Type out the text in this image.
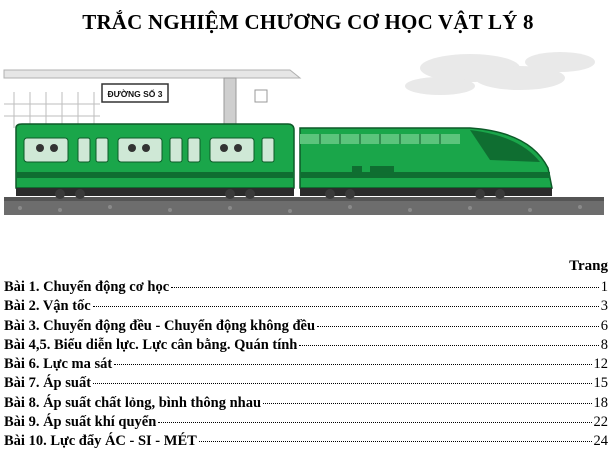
TRẮC NGHIỆM CHƯƠNG CƠ HỌC VẬT LÝ 8
ĐƯỜNG SỐ 3
Trang
Bài 1. Chuyển động cơ học	1
Bài 2. Vận tốc	3
Bài 3. Chuyển động đều - Chuyển động không đều	6
Bài 4,5. Biểu diễn lực. Lực cân bằng. Quán tính	8
Bài 6. Lực ma sát	12
Bài 7. Áp suất	15
Bài 8. Áp suất chất lỏng, bình thông nhau	18
Bài 9. Áp suất khí quyển	22
Bài 10. Lực đẩy ÁC - SI - MÉT	24
